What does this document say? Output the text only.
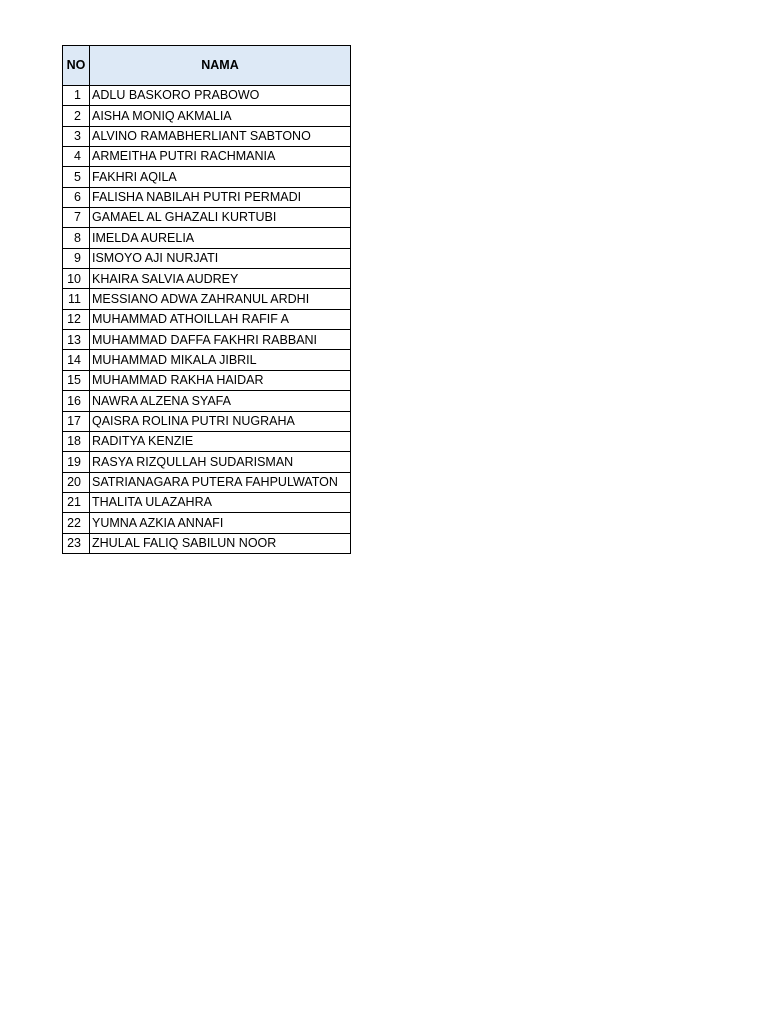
NO	NAMA
1	ADLU BASKORO PRABOWO
2	AISHA MONIQ AKMALIA
3	ALVINO RAMABHERLIANT SABTONO
4	ARMEITHA PUTRI RACHMANIA
5	FAKHRI AQILA
6	FALISHA NABILAH PUTRI PERMADI
7	GAMAEL AL GHAZALI KURTUBI
8	IMELDA AURELIA
9	ISMOYO AJI NURJATI
10	KHAIRA SALVIA AUDREY
11	MESSIANO ADWA ZAHRANUL ARDHI
12	MUHAMMAD ATHOILLAH RAFIF A
13	MUHAMMAD DAFFA FAKHRI RABBANI
14	MUHAMMAD MIKALA JIBRIL
15	MUHAMMAD RAKHA HAIDAR
16	NAWRA ALZENA SYAFA
17	QAISRA ROLINA PUTRI NUGRAHA
18	RADITYA KENZIE
19	RASYA RIZQULLAH SUDARISMAN
20	SATRIANAGARA PUTERA FAHPULWATON
21	THALITA ULAZAHRA
22	YUMNA AZKIA ANNAFI
23	ZHULAL FALIQ SABILUN NOOR
